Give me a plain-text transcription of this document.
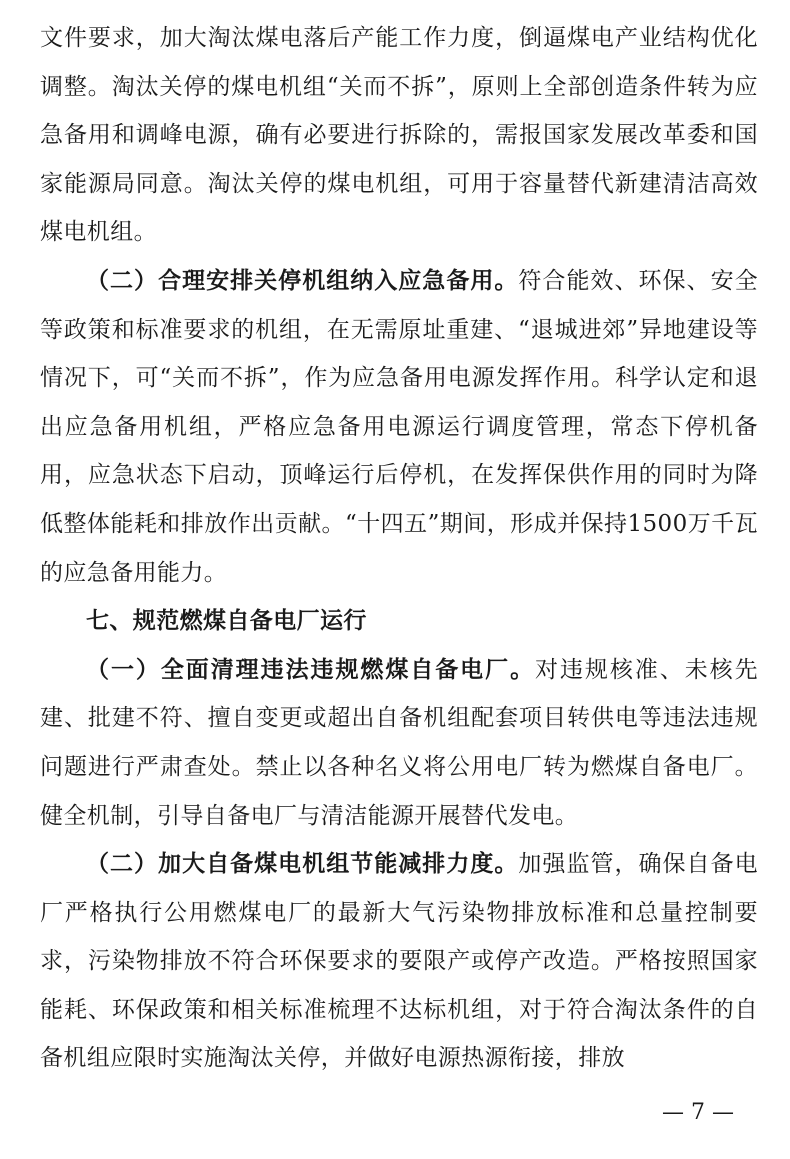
文件要求，加大淘汰煤电落后产能工作力度，倒逼煤电产业结构优化调整。淘汰关停的煤电机组“关而不拆”，原则上全部创造条件转为应急备用和调峰电源，确有必要进行拆除的，需报国家发展改革委和国家能源局同意。淘汰关停的煤电机组，可用于容量替代新建清洁高效煤电机组。

（二）合理安排关停机组纳入应急备用。符合能效、环保、安全等政策和标准要求的机组，在无需原址重建、“退城进郊”异地建设等情况下，可“关而不拆”，作为应急备用电源发挥作用。科学认定和退出应急备用机组，严格应急备用电源运行调度管理，常态下停机备用，应急状态下启动，顶峰运行后停机，在发挥保供作用的同时为降低整体能耗和排放作出贡献。“十四五”期间，形成并保持1500万千瓦的应急备用能力。

七、规范燃煤自备电厂运行

（一）全面清理违法违规燃煤自备电厂。对违规核准、未核先建、批建不符、擅自变更或超出自备机组配套项目转供电等违法违规问题进行严肃查处。禁止以各种名义将公用电厂转为燃煤自备电厂。健全机制，引导自备电厂与清洁能源开展替代发电。

（二）加大自备煤电机组节能减排力度。加强监管，确保自备电厂严格执行公用燃煤电厂的最新大气污染物排放标准和总量控制要求，污染物排放不符合环保要求的要限产或停产改造。严格按照国家能耗、环保政策和相关标准梳理不达标机组，对于符合淘汰条件的自备机组应限时实施淘汰关停，并做好电源热源衔接，排放

— 7 —
